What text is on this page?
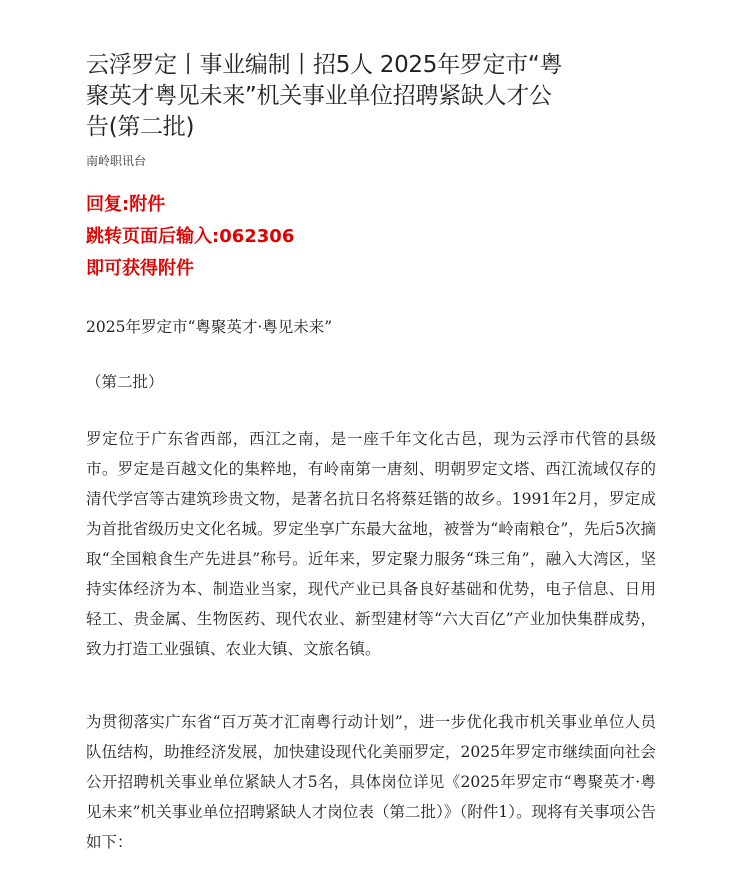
云浮罗定丨事业编制丨招5人 2025年罗定市“粤聚英才粤见未来”机关事业单位招聘紧缺人才公告(第二批)
南岭职讯台
回复:附件
跳转页面后输入:062306
即可获得附件

2025年罗定市“粤聚英才·粤见未来”

（第二批）

罗定位于广东省西部，西江之南，是一座千年文化古邑，现为云浮市代管的县级市。罗定是百越文化的集粹地，有岭南第一唐刻、明朝罗定文塔、西江流域仅存的清代学宫等古建筑珍贵文物，是著名抗日名将蔡廷锴的故乡。1991年2月，罗定成为首批省级历史文化名城。罗定坐享广东最大盆地，被誉为“岭南粮仓”，先后5次摘取“全国粮食生产先进县”称号。近年来，罗定聚力服务“珠三角”，融入大湾区，坚持实体经济为本、制造业当家，现代产业已具备良好基础和优势，电子信息、日用轻工、贵金属、生物医药、现代农业、新型建材等“六大百亿”产业加快集群成势，致力打造工业强镇、农业大镇、文旅名镇。

为贯彻落实广东省“百万英才汇南粤行动计划”，进一步优化我市机关事业单位人员队伍结构，助推经济发展，加快建设现代化美丽罗定，2025年罗定市继续面向社会公开招聘机关事业单位紧缺人才5名，具体岗位详见《2025年罗定市“粤聚英才·粤见未来”机关事业单位招聘紧缺人才岗位表（第二批）》（附件1）。现将有关事项公告如下：
